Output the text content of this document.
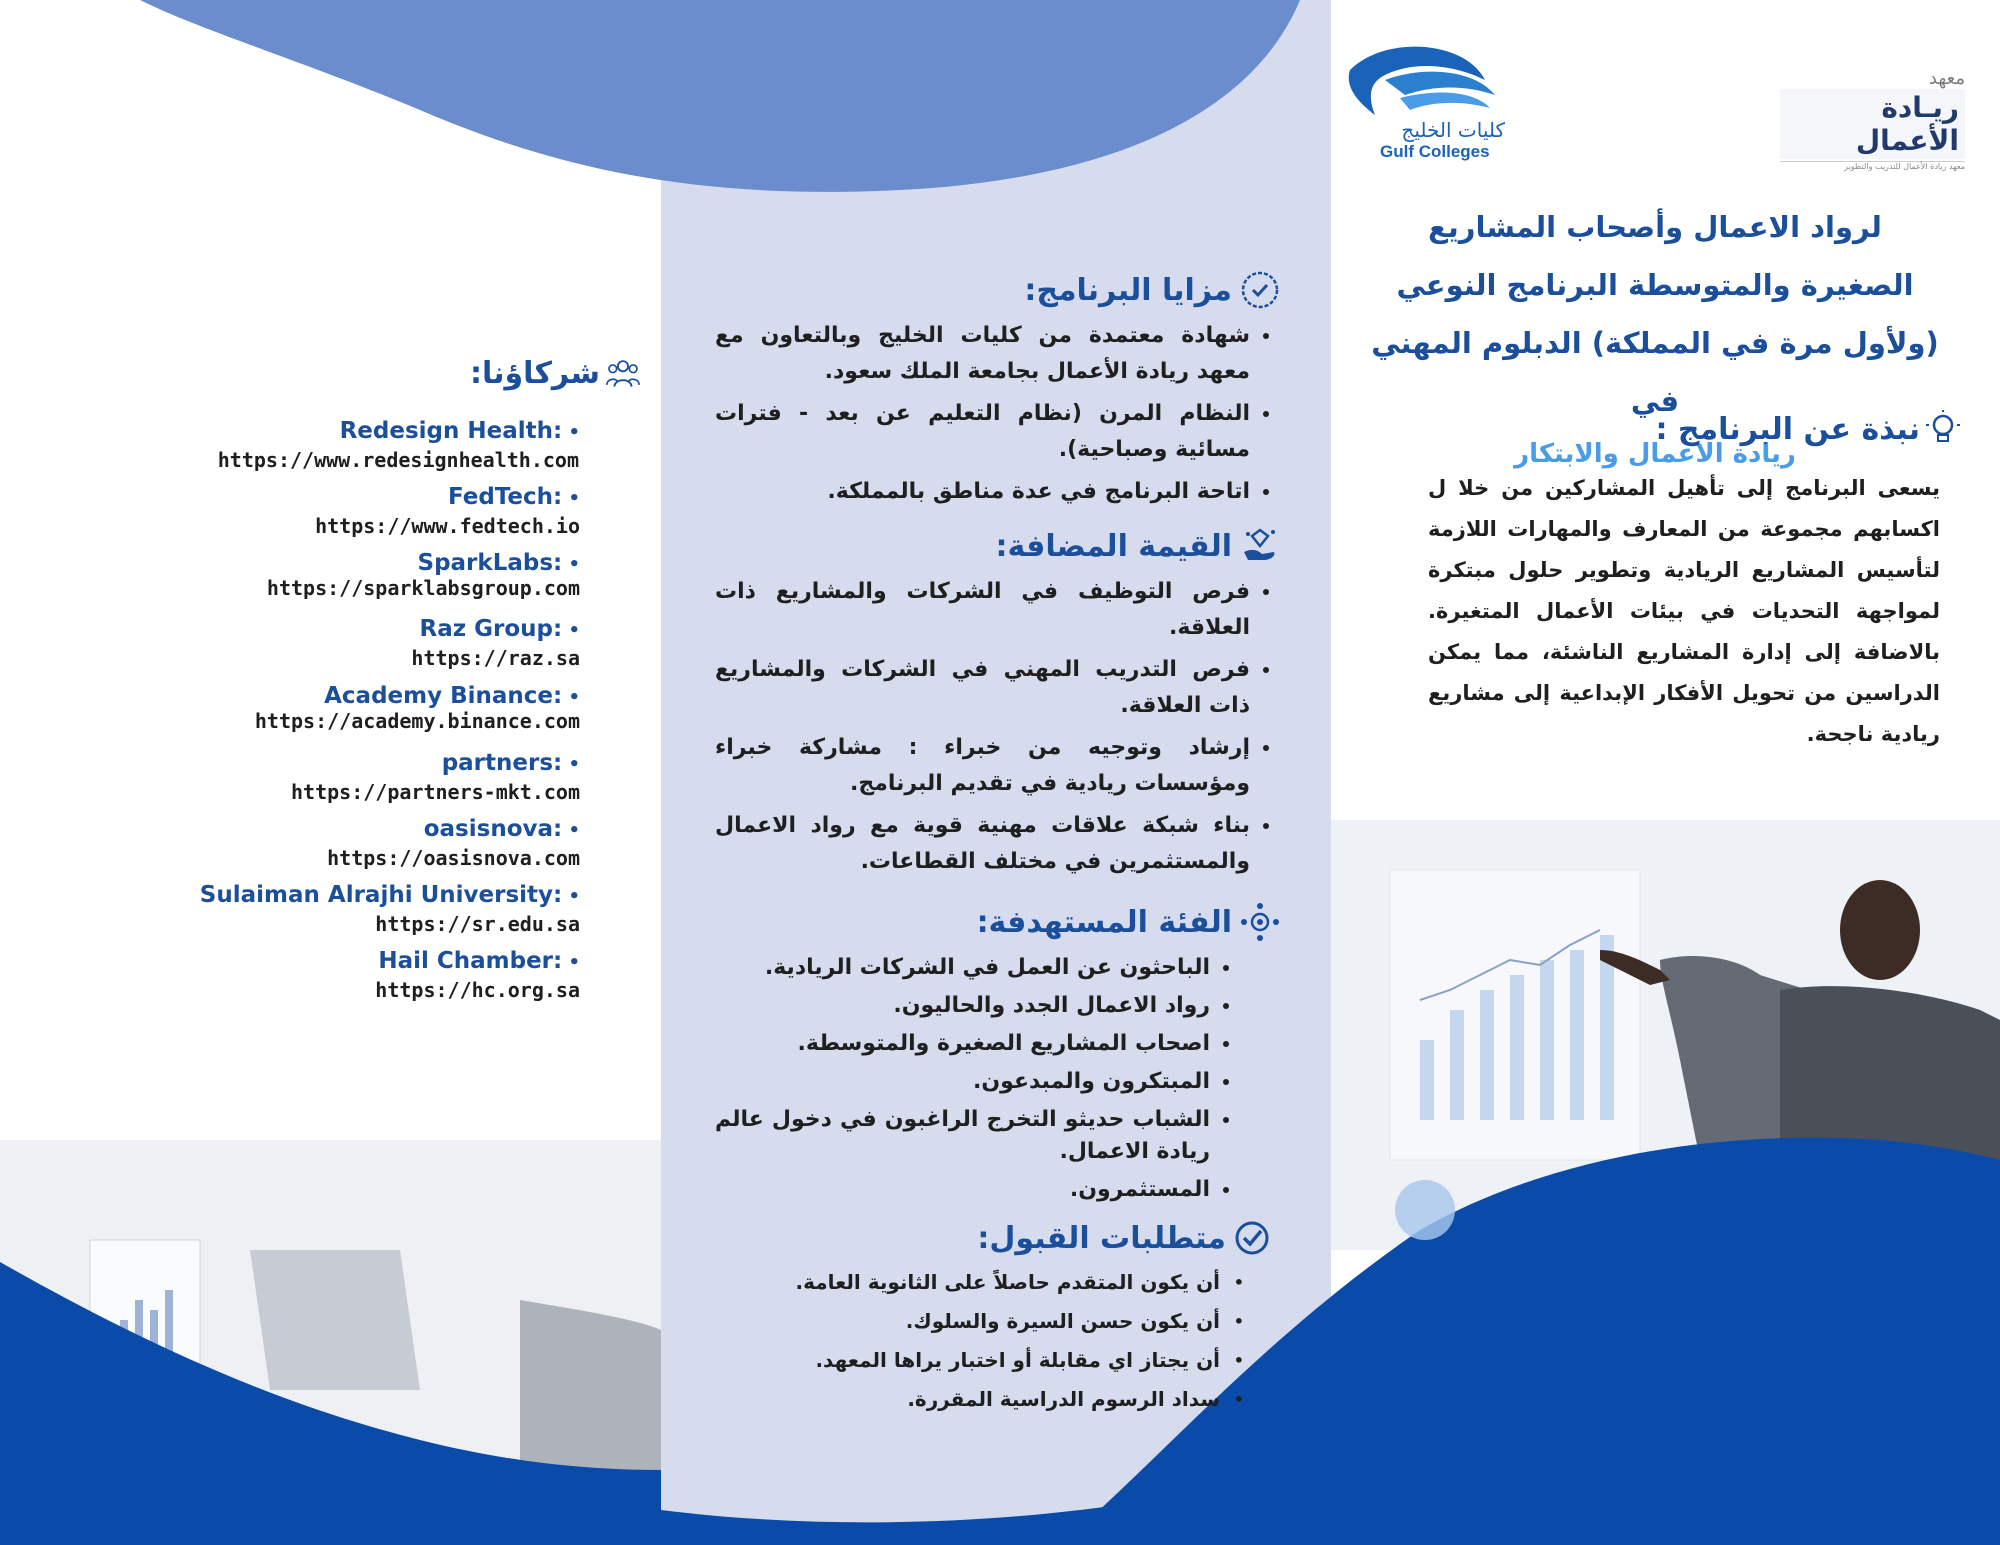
كليات الخليج
Gulf Colleges
معهد
ريـادة الأعمال
معهد ريادة الأعمال للتدريب والتطوير
لرواد الاعمال وأصحاب المشاريع
الصغيرة والمتوسطة البرنامج النوعي
(ولأول مرة في المملكة) الدبلوم المهني في
ريادة الاعمال والابتكار
نبذة عن البرنامج :
يسعى البرنامج إلى تأهيل المشاركين من خلا ل اكسابهم مجموعة من المعارف والمهارات اللازمة لتأسيس المشاريع الريادية وتطوير حلول مبتكرة لمواجهة التحديات في بيئات الأعمال المتغيرة. بالاضافة إلى إدارة المشاريع الناشئة، مما يمكن الدراسين من تحويل الأفكار الإبداعية إلى مشاريع ريادية ناجحة.
مزايا البرنامج:
• شهادة معتمدة من كليات الخليج وبالتعاون مع معهد ريادة الأعمال بجامعة الملك سعود.
• النظام المرن (نظام التعليم عن بعد - فترات مسائية وصباحية).
• اتاحة البرنامج في عدة مناطق بالمملكة.
القيمة المضافة:
• فرص التوظيف في الشركات والمشاريع ذات العلاقة.
• فرص التدريب المهني في الشركات والمشاريع ذات العلاقة.
• إرشاد وتوجيه من خبراء : مشاركة خبراء ومؤسسات ريادية في تقديم البرنامج.
• بناء شبكة علاقات مهنية قوية مع رواد الاعمال والمستثمرين في مختلف القطاعات.
الفئة المستهدفة:
• الباحثون عن العمل في الشركات الريادية.
• رواد الاعمال الجدد والحاليون.
• اصحاب المشاريع الصغيرة والمتوسطة.
• المبتكرون والمبدعون.
• الشباب حديثو التخرج الراغبون في دخول عالم ريادة الاعمال.
• المستثمرون.
متطلبات القبول:
• أن يكون المتقدم حاصلاً على الثانوية العامة.
• أن يكون حسن السيرة والسلوك.
• أن يجتاز اي مقابلة أو اختبار يراها المعهد.
• سداد الرسوم الدراسية المقررة.
شركاؤنا:
Redesign Health: •
https://www.redesignhealth.com
FedTech: •
https://www.fedtech.io
SparkLabs: •
https://sparklabsgroup.com
Raz Group: •
https://raz.sa
Academy Binance: •
https://academy.binance.com
partners: •
https://partners-mkt.com
oasisnova: •
https://oasisnova.com
Sulaiman Alrajhi University: •
https://sr.edu.sa
Hail Chamber: •
https://hc.org.sa
